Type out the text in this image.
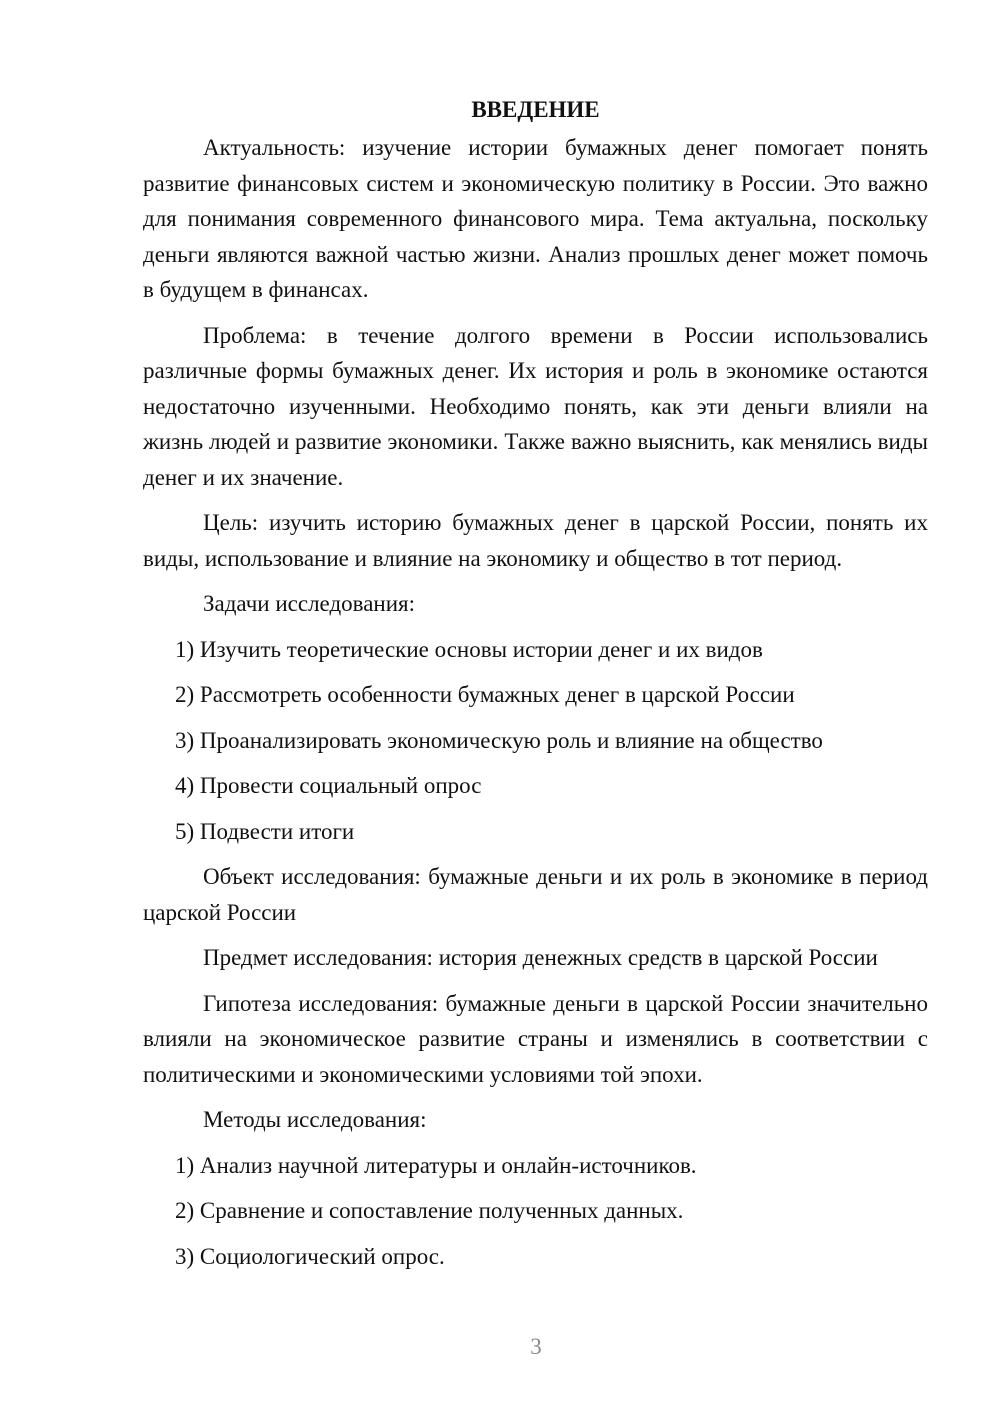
ВВЕДЕНИЕ

Актуальность: изучение истории бумажных денег помогает понять развитие финансовых систем и экономическую политику в России. Это важно для понимания современного финансового мира. Тема актуальна, поскольку деньги являются важной частью жизни. Анализ прошлых денег может помочь в будущем в финансах.

Проблема: в течение долгого времени в России использовались различные формы бумажных денег. Их история и роль в экономике остаются недостаточно изученными. Необходимо понять, как эти деньги влияли на жизнь людей и развитие экономики. Также важно выяснить, как менялись виды денег и их значение.

Цель: изучить историю бумажных денег в царской России, понять их виды, использование и влияние на экономику и общество в тот период.

Задачи исследования:

1) Изучить теоретические основы истории денег и их видов
2) Рассмотреть особенности бумажных денег в царской России
3) Проанализировать экономическую роль и влияние на общество
4) Провести социальный опрос
5) Подвести итоги

Объект исследования: бумажные деньги и их роль в экономике в период царской России

Предмет исследования: история денежных средств в царской России

Гипотеза исследования: бумажные деньги в царской России значительно влияли на экономическое развитие страны и изменялись в соответствии с политическими и экономическими условиями той эпохи.

Методы исследования:

1) Анализ научной литературы и онлайн-источников.
2) Сравнение и сопоставление полученных данных.
3) Социологический опрос.
3
